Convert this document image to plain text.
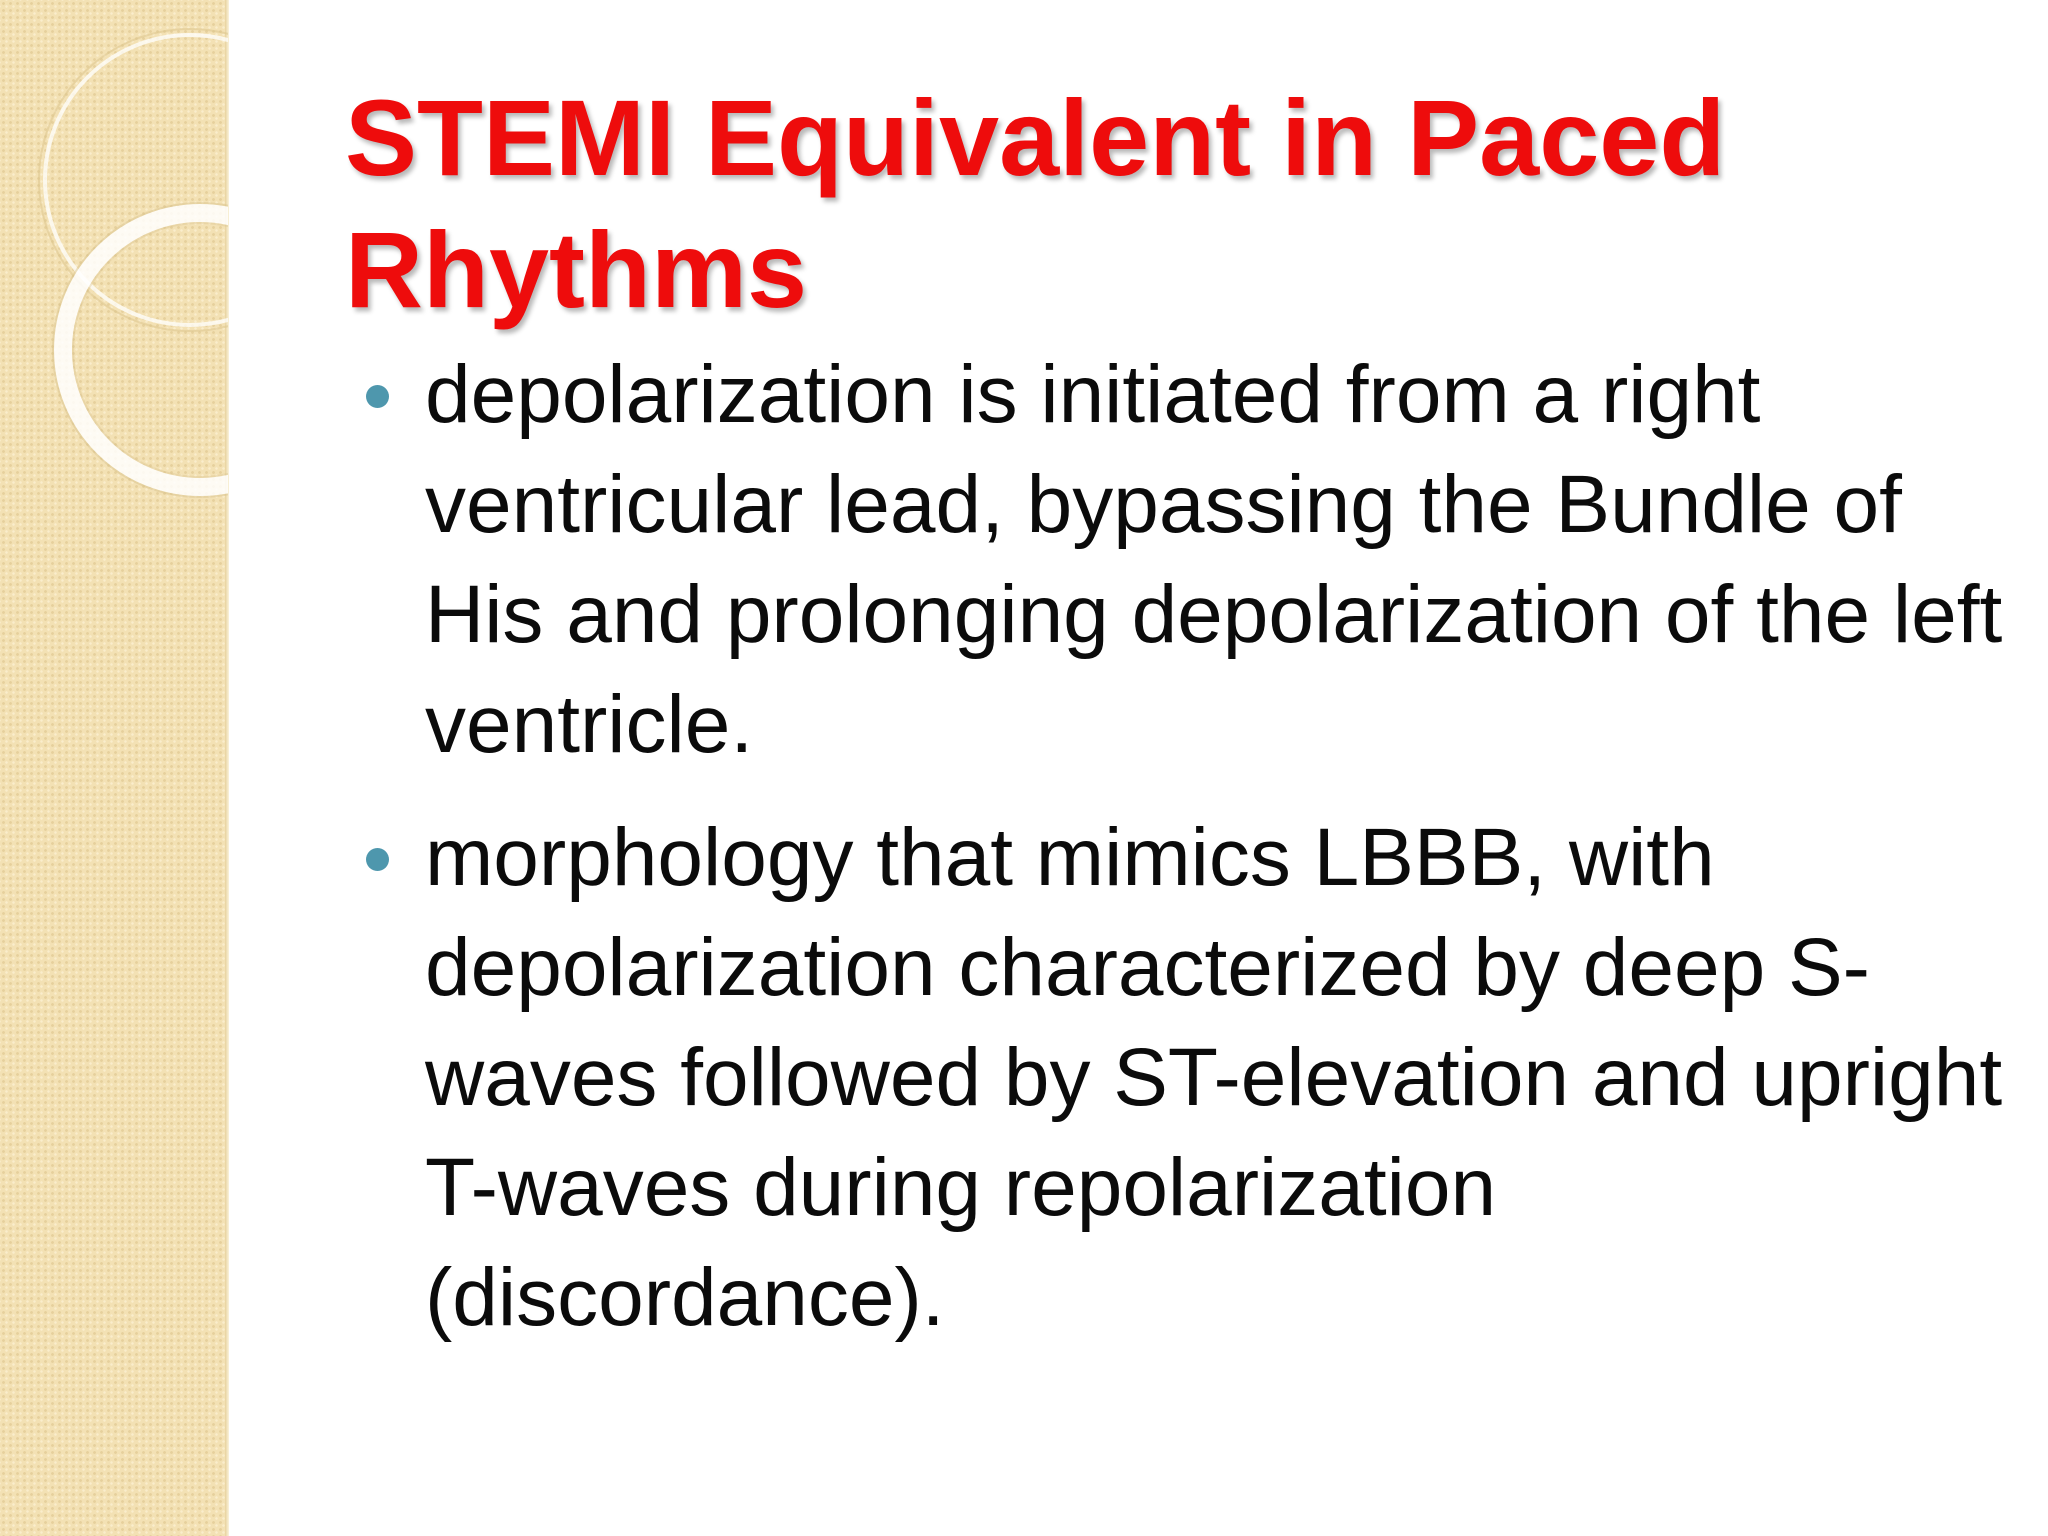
STEMI Equivalent in Paced Rhythms
depolarization is initiated from a right ventricular lead, bypassing the Bundle of His and prolonging depolarization of the left ventricle.
morphology that mimics LBBB, with depolarization characterized by deep S-waves followed by ST-elevation and upright T-waves during repolarization (discordance).
